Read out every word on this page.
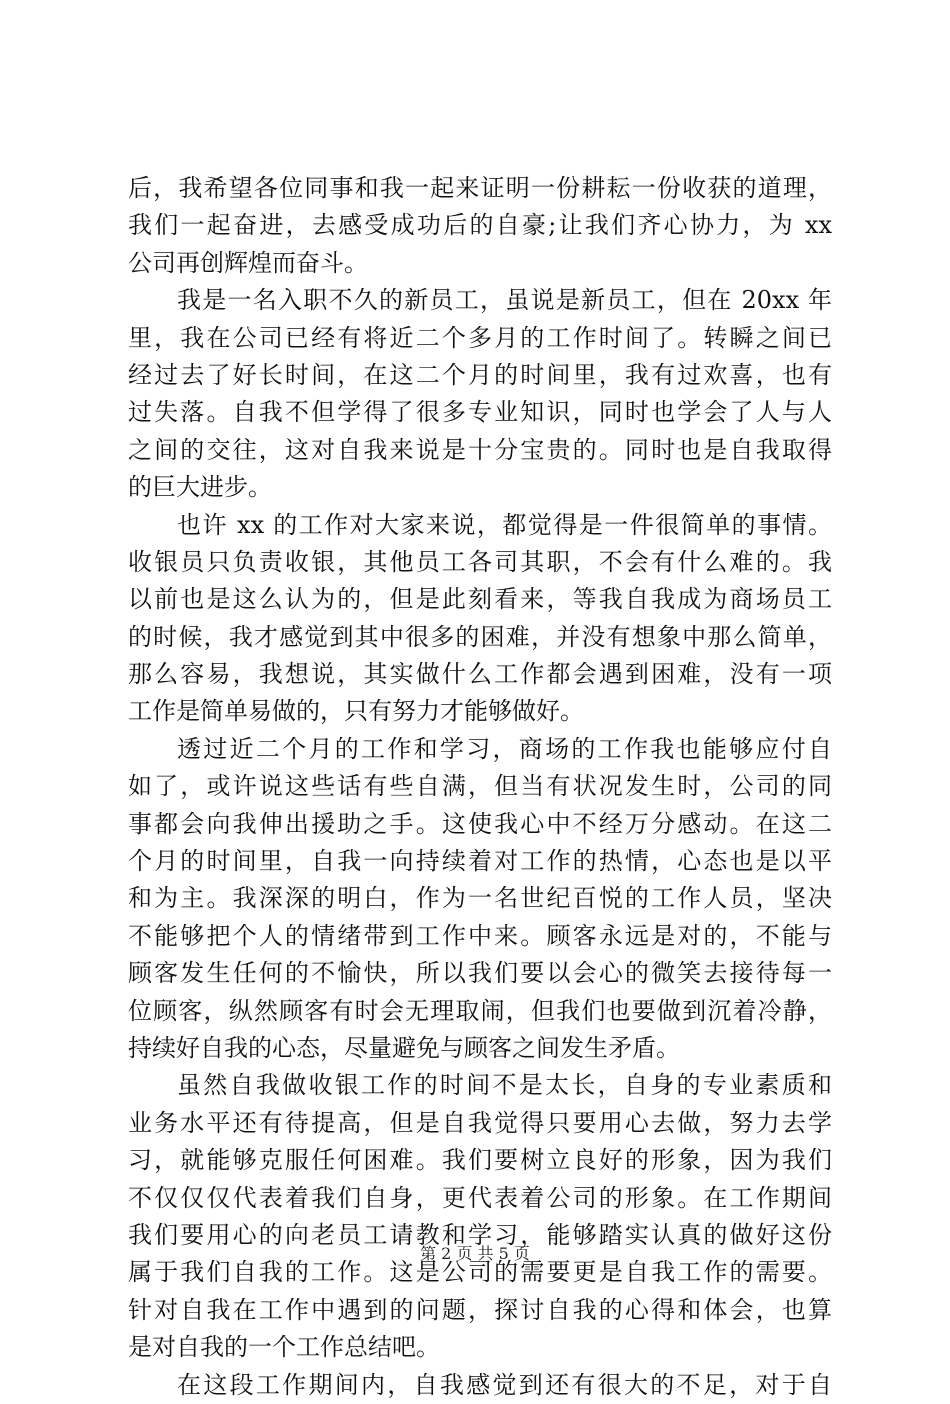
后，我希望各位同事和我一起来证明一份耕耘一份收获的道理，
我们一起奋进，去感受成功后的自豪;让我们齐心协力，为 xx
公司再创辉煌而奋斗。
我是一名入职不久的新员工，虽说是新员工，但在 20xx 年
里，我在公司已经有将近二个多月的工作时间了。转瞬之间已
经过去了好长时间，在这二个月的时间里，我有过欢喜，也有
过失落。自我不但学得了很多专业知识，同时也学会了人与人
之间的交往，这对自我来说是十分宝贵的。同时也是自我取得
的巨大进步。
也许 xx 的工作对大家来说，都觉得是一件很简单的事情。
收银员只负责收银，其他员工各司其职，不会有什么难的。我
以前也是这么认为的，但是此刻看来，等我自我成为商场员工
的时候，我才感觉到其中很多的困难，并没有想象中那么简单，
那么容易，我想说，其实做什么工作都会遇到困难，没有一项
工作是简单易做的，只有努力才能够做好。
透过近二个月的工作和学习，商场的工作我也能够应付自
如了，或许说这些话有些自满，但当有状况发生时，公司的同
事都会向我伸出援助之手。这使我心中不经万分感动。在这二
个月的时间里，自我一向持续着对工作的热情，心态也是以平
和为主。我深深的明白，作为一名世纪百悦的工作人员，坚决
不能够把个人的情绪带到工作中来。顾客永远是对的，不能与
顾客发生任何的不愉快，所以我们要以会心的微笑去接待每一
位顾客，纵然顾客有时会无理取闹，但我们也要做到沉着冷静，
持续好自我的心态，尽量避免与顾客之间发生矛盾。
虽然自我做收银工作的时间不是太长，自身的专业素质和
业务水平还有待提高，但是自我觉得只要用心去做，努力去学
习，就能够克服任何困难。我们要树立良好的形象，因为我们
不仅仅仅代表着我们自身，更代表着公司的形象。在工作期间
我们要用心的向老员工请教和学习，能够踏实认真的做好这份
属于我们自我的工作。这是公司的需要更是自我工作的需要。
针对自我在工作中遇到的问题，探讨自我的心得和体会，也算
是对自我的一个工作总结吧。
在这段工作期间内，自我感觉到还有很大的不足，对于自
第 2 页 共 5 页
